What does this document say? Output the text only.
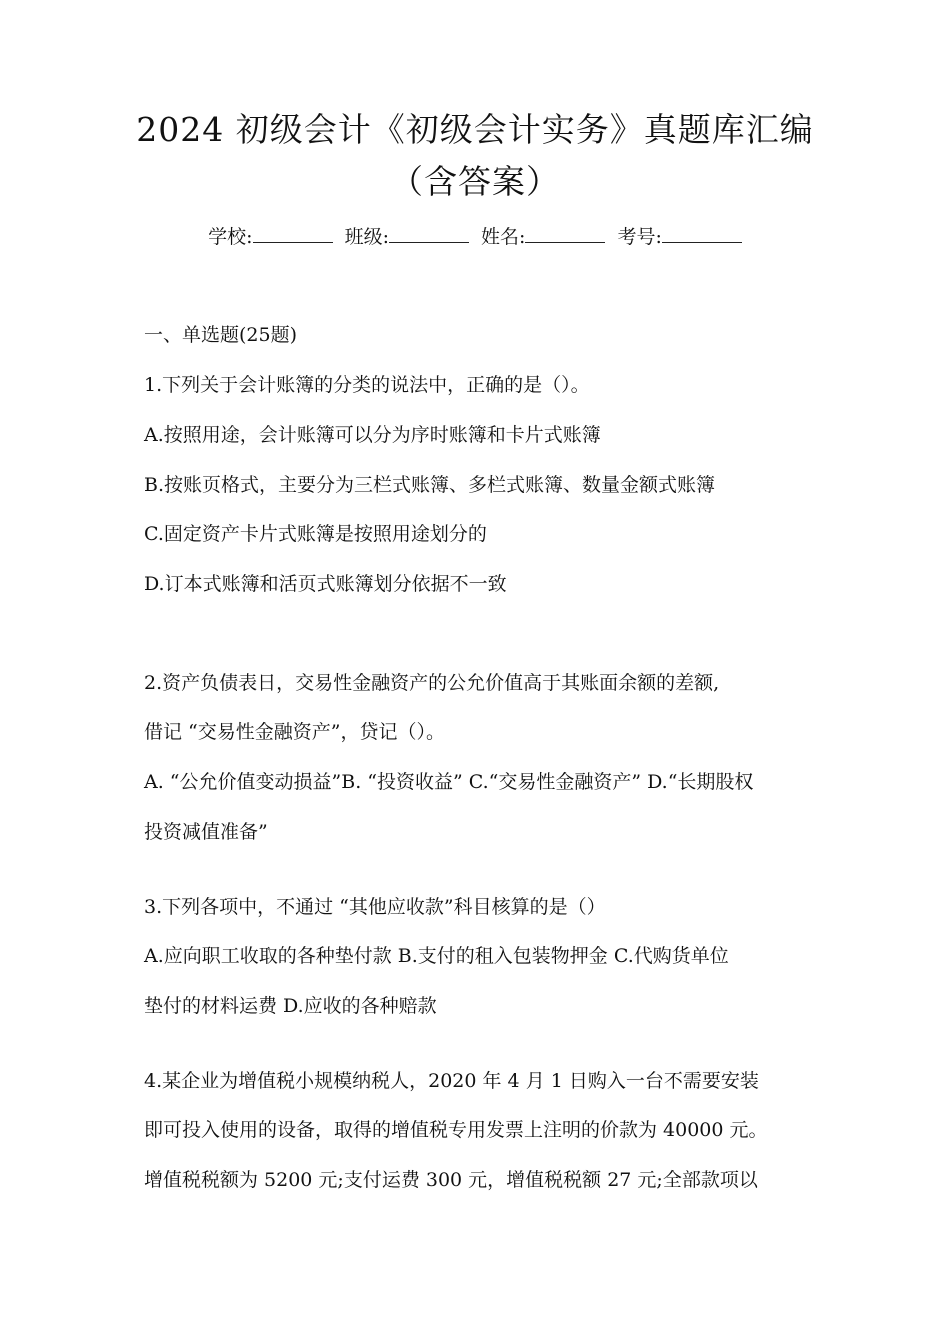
2024 初级会计《初级会计实务》真题库汇编
（含答案）
学校:	班级:	姓名:	考号:
一、单选题(25题)
1.下列关于会计账簿的分类的说法中，正确的是（）。
A.按照用途，会计账簿可以分为序时账簿和卡片式账簿
B.按账页格式，主要分为三栏式账簿、多栏式账簿、数量金额式账簿
C.固定资产卡片式账簿是按照用途划分的
D.订本式账簿和活页式账簿划分依据不一致
2.资产负债表日，交易性金融资产的公允价值高于其账面余额的差额,
借记 “交易性金融资产”，贷记（）。
A. “公允价值变动损益”B. “投资收益” C.“交易性金融资产” D.“长期股权
投资减值准备”
3.下列各项中，不通过 “其他应收款”科目核算的是（）
A.应向职工收取的各种垫付款 B.支付的租入包装物押金 C.代购货单位
垫付的材料运费 D.应收的各种赔款
4.某企业为增值税小规模纳税人，2020 年 4 月 1 日购入一台不需要安装
即可投入使用的设备，取得的增值税专用发票上注明的价款为 40000 元。
增值税税额为 5200 元;支付运费 300 元，增值税税额 27 元;全部款项以
